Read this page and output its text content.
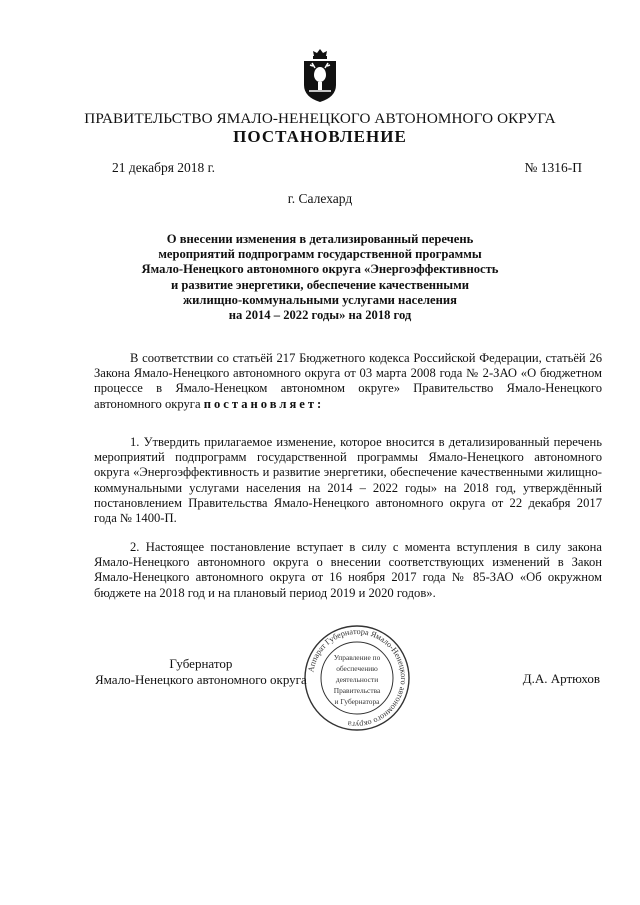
ПРАВИТЕЛЬСТВО ЯМАЛО-НЕНЕЦКОГО АВТОНОМНОГО ОКРУГА
ПОСТАНОВЛЕНИЕ
21 декабря 2018 г.	№ 1316-П
г. Салехард
О внесении изменения в детализированный перечень
мероприятий подпрограмм государственной программы
Ямало-Ненецкого автономного округа «Энергоэффективность
и развитие энергетики, обеспечение качественными
жилищно-коммунальными услугами населения
на 2014 – 2022 годы» на 2018 год
В соответствии со статьёй 217 Бюджетного кодекса Российской Федерации, статьёй 26 Закона Ямало-Ненецкого автономного округа от 03 марта 2008 года № 2-ЗАО «О бюджетном процессе в Ямало-Ненецком автономном округе» Правительство Ямало-Ненецкого автономного округа постановляет:
1. Утвердить прилагаемое изменение, которое вносится в детализированный перечень мероприятий подпрограмм государственной программы Ямало-Ненецкого автономного округа «Энергоэффективность и развитие энергетики, обеспечение качественными жилищно-коммунальными услугами населения на 2014 – 2022 годы» на 2018 год, утверждённый постановлением Правительства Ямало-Ненецкого автономного округа от 22 декабря 2017 года № 1400-П.
2. Настоящее постановление вступает в силу с момента вступления в силу закона Ямало-Ненецкого автономного округа о внесении соответствующих изменений в Закон Ямало-Ненецкого автономного округа от 16 ноября 2017 года № 85-ЗАО «Об окружном бюджете на 2018 год и на плановый период 2019 и 2020 годов».
Аппарат Губернатора Ямало-Ненецкого автономного округа
Управление по
обеспечению
деятельности
Правительства
и Губернатора
Губернатор
Ямало-Ненецкого автономного округа	Д.А. Артюхов
